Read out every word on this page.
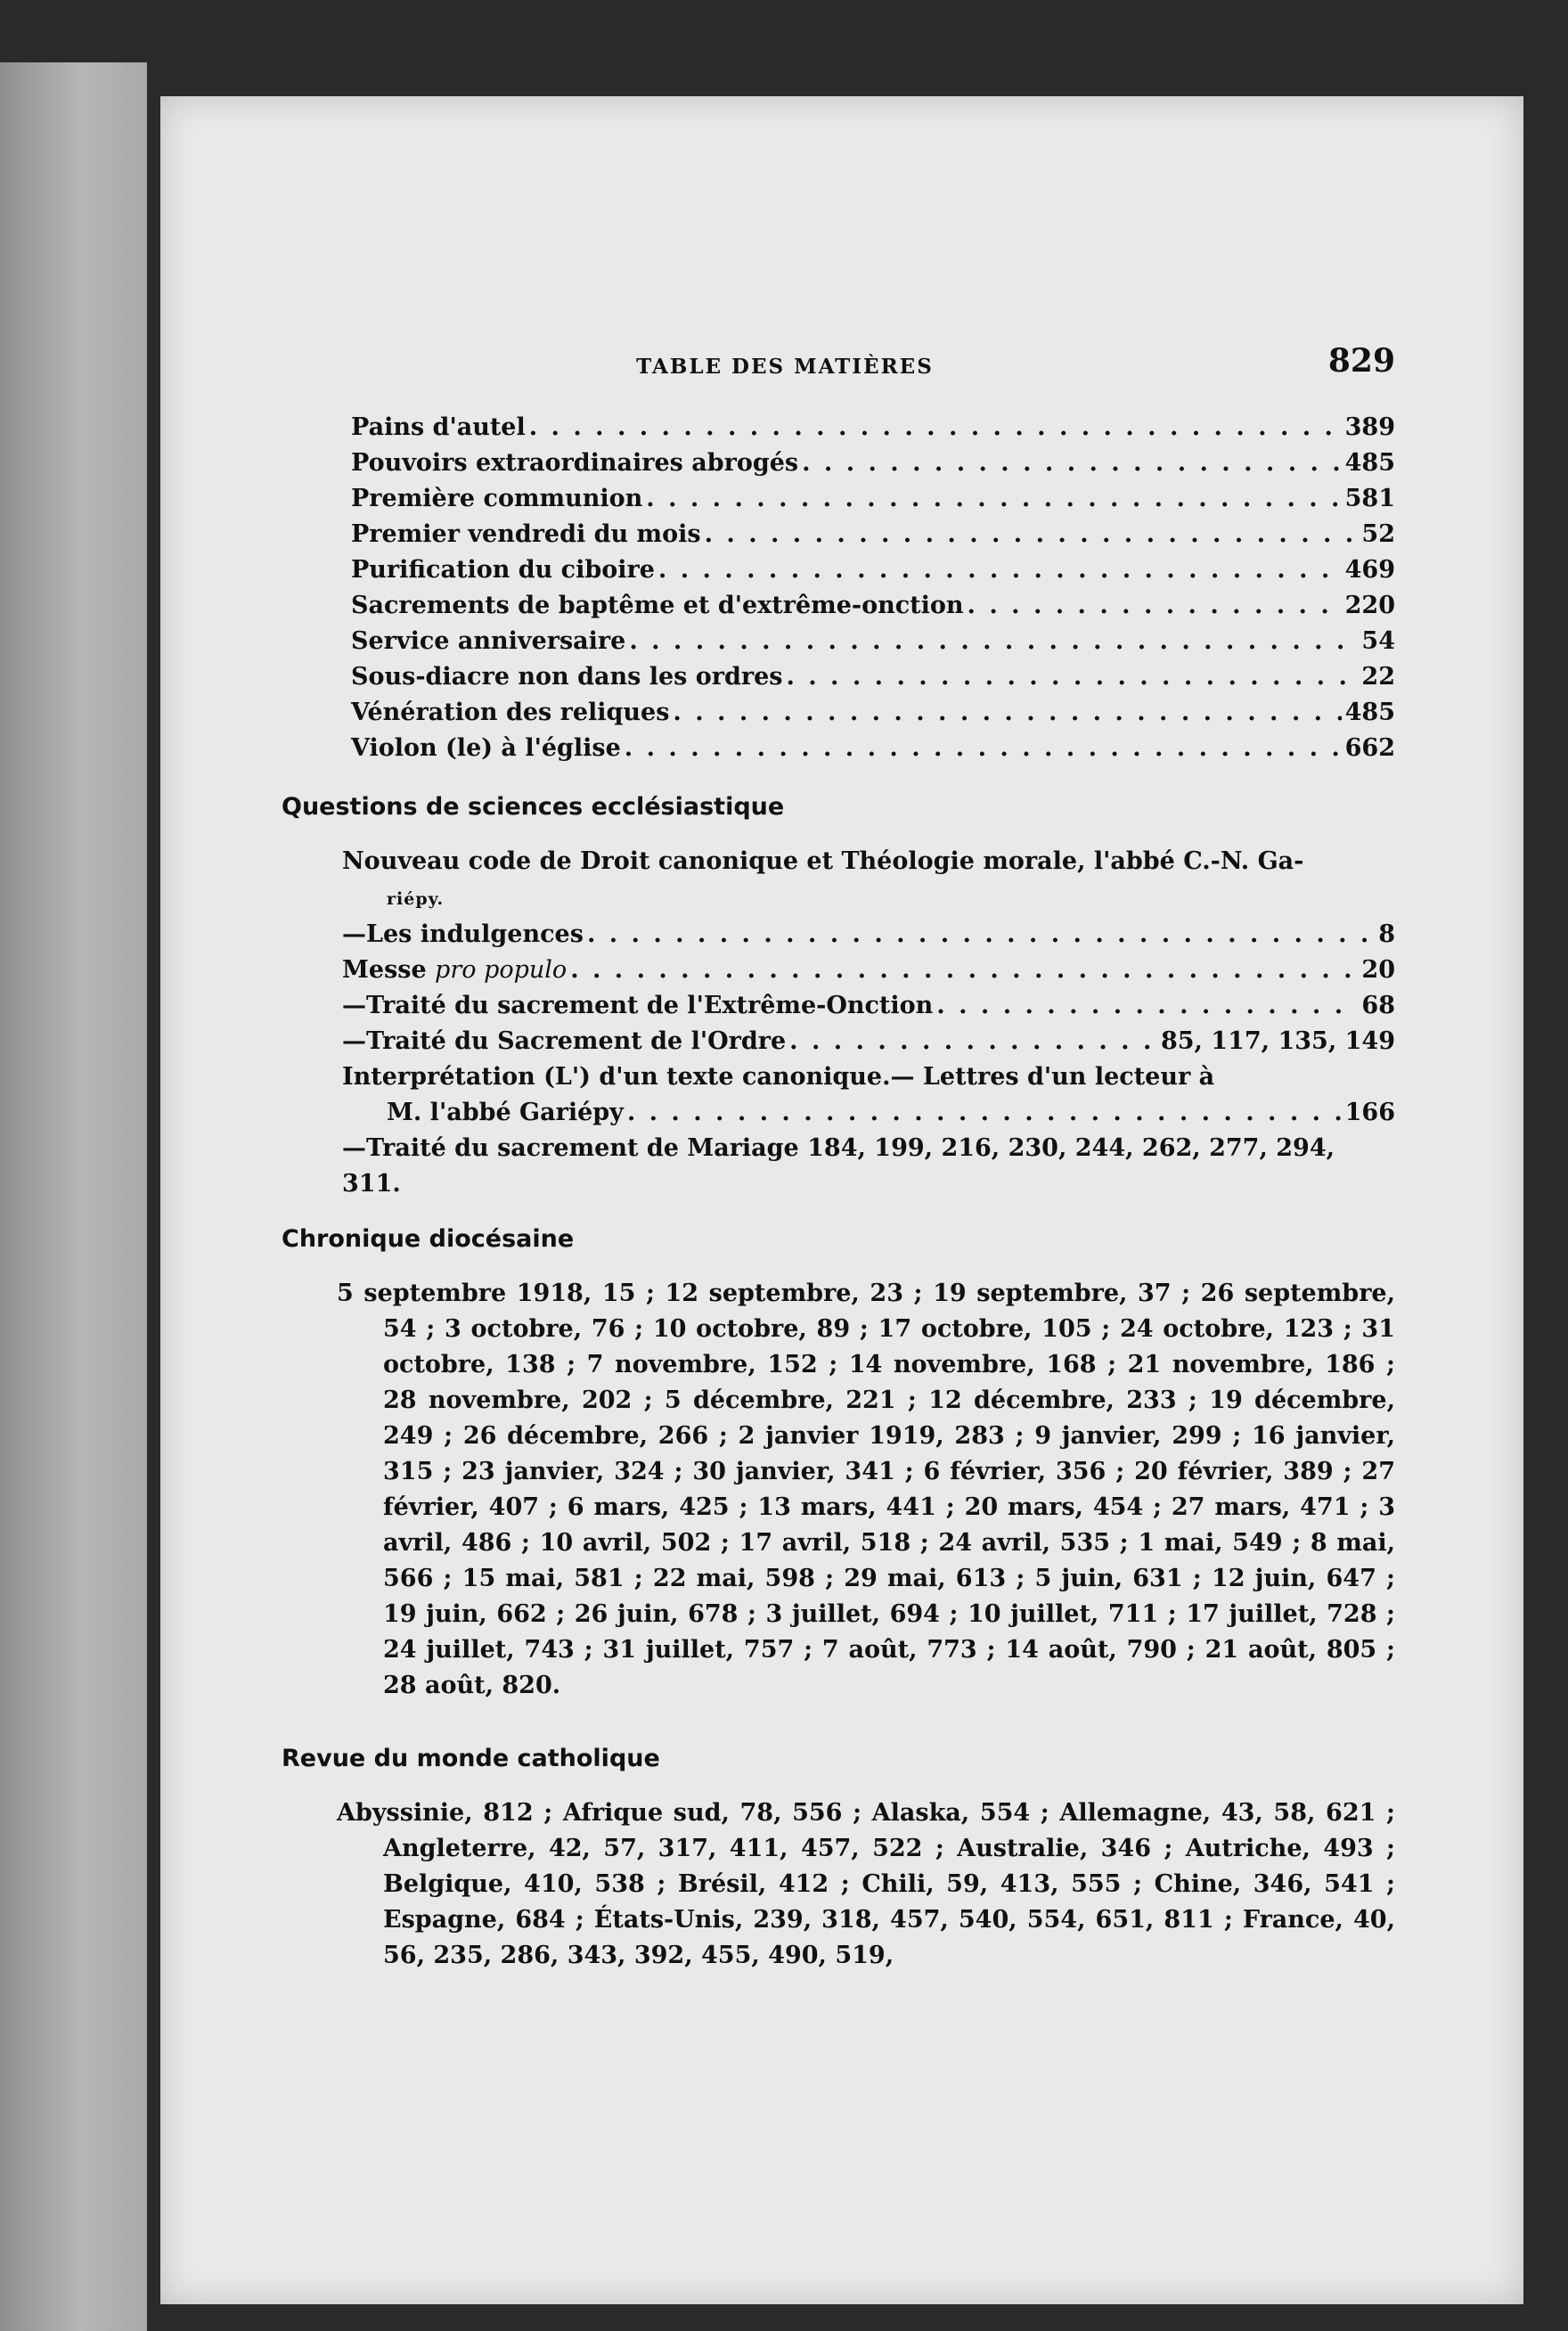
TABLE DES MATIÈRES	829
Pains d'autel . . .	389
Pouvoirs extraordinaires abrogés . . .	485
Première communion . . .	581
Premier vendredi du mois . . .	52
Purification du ciboire . . .	469
Sacrements de baptême et d'extrême-onction . . .	220
Service anniversaire . . .	54
Sous-diacre non dans les ordres . . .	22
Vénération des reliques . . .	485
Violon (le) à l'église . . .	662
Questions de sciences ecclésiastique
Nouveau code de Droit canonique et Théologie morale, l'abbé C.-N. Ga-
riépy.
—Les indulgences . . .	8
Messe pro populo . . .	20
—Traité du sacrement de l'Extrême-Onction . . .	68
—Traité du Sacrement de l'Ordre . . .	85, 117, 135, 149
Interprétation (L') d'un texte canonique.— Lettres d'un lecteur à
M. l'abbé Gariépy . . .	166
—Traité du sacrement de Mariage 184, 199, 216, 230, 244, 262, 277, 294, 311.
Chronique diocésaine
5 septembre 1918, 15 ; 12 septembre, 23 ; 19 septembre, 37 ; 26 septembre, 54 ; 3 octobre, 76 ; 10 octobre, 89 ; 17 octobre, 105 ; 24 octobre, 123 ; 31 octobre, 138 ; 7 novembre, 152 ; 14 novembre, 168 ; 21 novembre, 186 ; 28 novembre, 202 ; 5 décembre, 221 ; 12 décembre, 233 ; 19 décembre, 249 ; 26 décembre, 266 ; 2 janvier 1919, 283 ; 9 janvier, 299 ; 16 janvier, 315 ; 23 janvier, 324 ; 30 janvier, 341 ; 6 février, 356 ; 20 février, 389 ; 27 février, 407 ; 6 mars, 425 ; 13 mars, 441 ; 20 mars, 454 ; 27 mars, 471 ; 3 avril, 486 ; 10 avril, 502 ; 17 avril, 518 ; 24 avril, 535 ; 1 mai, 549 ; 8 mai, 566 ; 15 mai, 581 ; 22 mai, 598 ; 29 mai, 613 ; 5 juin, 631 ; 12 juin, 647 ; 19 juin, 662 ; 26 juin, 678 ; 3 juillet, 694 ; 10 juillet, 711 ; 17 juillet, 728 ; 24 juillet, 743 ; 31 juillet, 757 ; 7 août, 773 ; 14 août, 790 ; 21 août, 805 ; 28 août, 820.
Revue du monde catholique
Abyssinie, 812 ; Afrique sud, 78, 556 ; Alaska, 554 ; Allemagne, 43, 58, 621 ; Angleterre, 42, 57, 317, 411, 457, 522 ; Australie, 346 ; Autriche, 493 ; Belgique, 410, 538 ; Brésil, 412 ; Chili, 59, 413, 555 ; Chine, 346, 541 ; Espagne, 684 ; États-Unis, 239, 318, 457, 540, 554, 651, 811 ; France, 40, 56, 235, 286, 343, 392, 455, 490, 519,
